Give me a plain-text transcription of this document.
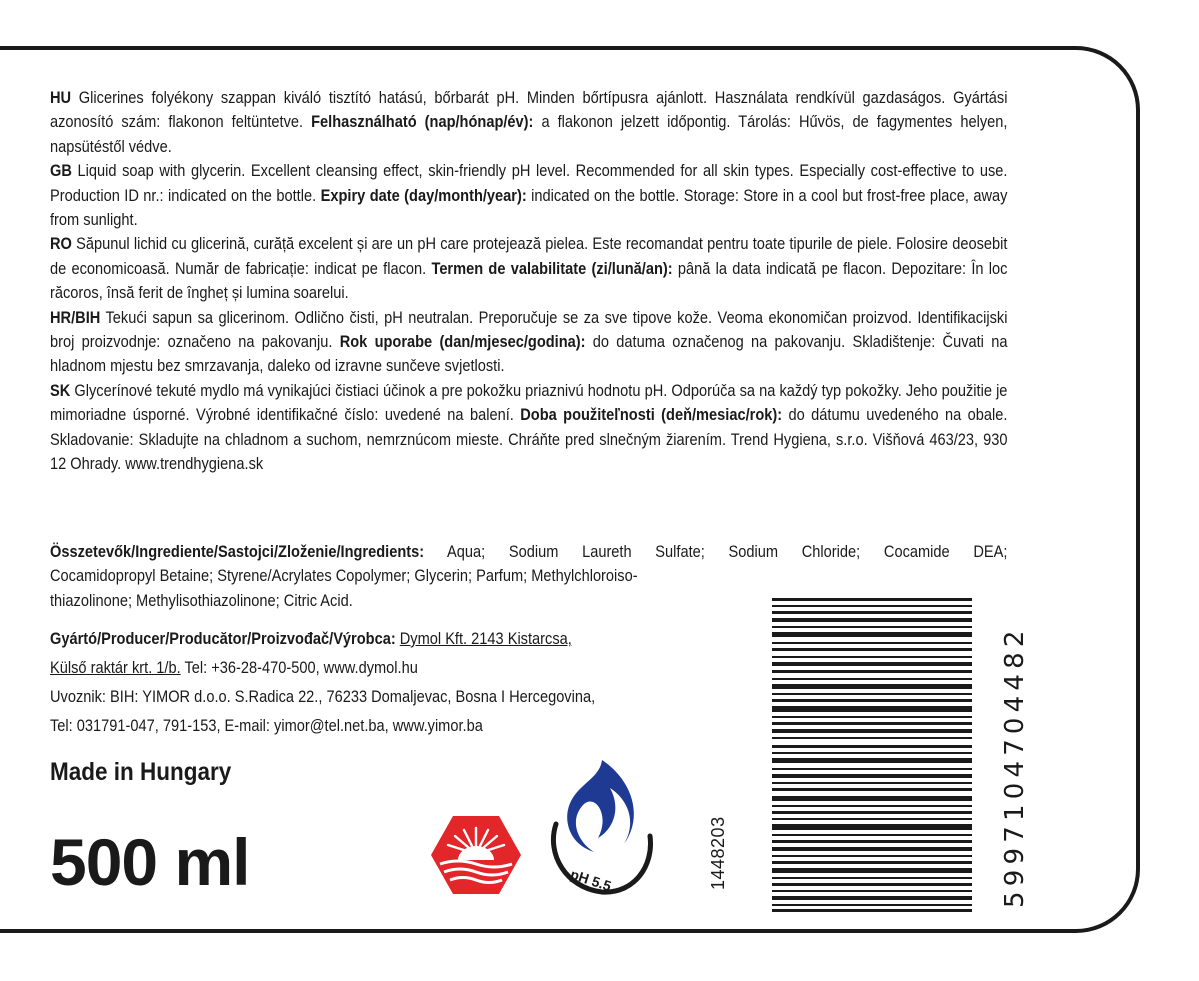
HU Glicerines folyékony szappan kiváló tisztító hatású, bőrbarát pH. Minden bőrtípusra ajánlott. Használata rendkívül gazdaságos. Gyártási azonosító szám: flakonon feltüntetve. Felhasználható (nap/hónap/év): a flakonon jelzett időpontig. Tárolás: Hűvös, de fagymentes helyen, napsütéstől védve.

GB Liquid soap with glycerin. Excellent cleansing effect, skin-friendly pH level. Recommended for all skin types. Especially cost-effective to use. Production ID nr.: indicated on the bottle. Expiry date (day/month/year): indicated on the bottle. Storage: Store in a cool but frost-free place, away from sunlight.

RO Săpunul lichid cu glicerină, curăță excelent și are un pH care protejează pielea. Este recomandat pentru toate tipurile de piele. Folosire deosebit de economicoasă. Număr de fabricație: indicat pe flacon. Termen de valabilitate (zi/lună/an): până la data indicată pe flacon. Depozitare: În loc răcoros, însă ferit de îngheț și lumina soarelui.

HR/BIH Tekući sapun sa glicerinom. Odlično čisti, pH neutralan. Preporučuje se za sve tipove kože. Veoma ekonomičan proizvod. Identifikacijski broj proizvodnje: označeno na pakovanju. Rok uporabe (dan/mjesec/godina): do datuma označenog na pakovanju. Skladištenje: Čuvati na hladnom mjestu bez smrzavanja, daleko od izravne sunčeve svjetlosti.

SK Glycerínové tekuté mydlo má vynikajúci čistiaci účinok a pre pokožku priaznivú hodnotu pH. Odporúča sa na každý typ pokožky. Jeho použitie je mimoriadne úsporné. Výrobné identifikačné číslo: uvedené na balení. Doba použiteľnosti (deň/mesiac/rok): do dátumu uvedeného na obale. Skladovanie: Skladujte na chladnom a suchom, nemrznúcom mieste. Chráňte pred slnečným žiarením. Trend Hygiena, s.r.o. Višňová 463/23, 930 12 Ohrady. www.trendhygiena.sk

Összetevők/Ingrediente/Sastojci/Zloženie/Ingredients: Aqua; Sodium Laureth Sulfate; Sodium Chloride; Cocamide DEA;

Cocamidopropyl Betaine; Styrene/Acrylates Copolymer; Glycerin; Parfum; Methylchloroiso-

thiazolinone; Methylisothiazolinone; Citric Acid.

Gyártó/Producer/Producător/Proizvođač/Výrobca: Dymol Kft. 2143 Kistarcsa,

Külső raktár krt. 1/b. Tel: +36-28-470-500, www.dymol.hu

Uvoznik: BIH: YIMOR d.o.o. S.Radica 22., 76233 Domaljevac, Bosna I Hercegovina,

Tel: 031791-047, 791-153, E-mail: yimor@tel.net.ba, www.yimor.ba

Made in Hungary
500 ml	pH 5.5	1448203	5997104704482
